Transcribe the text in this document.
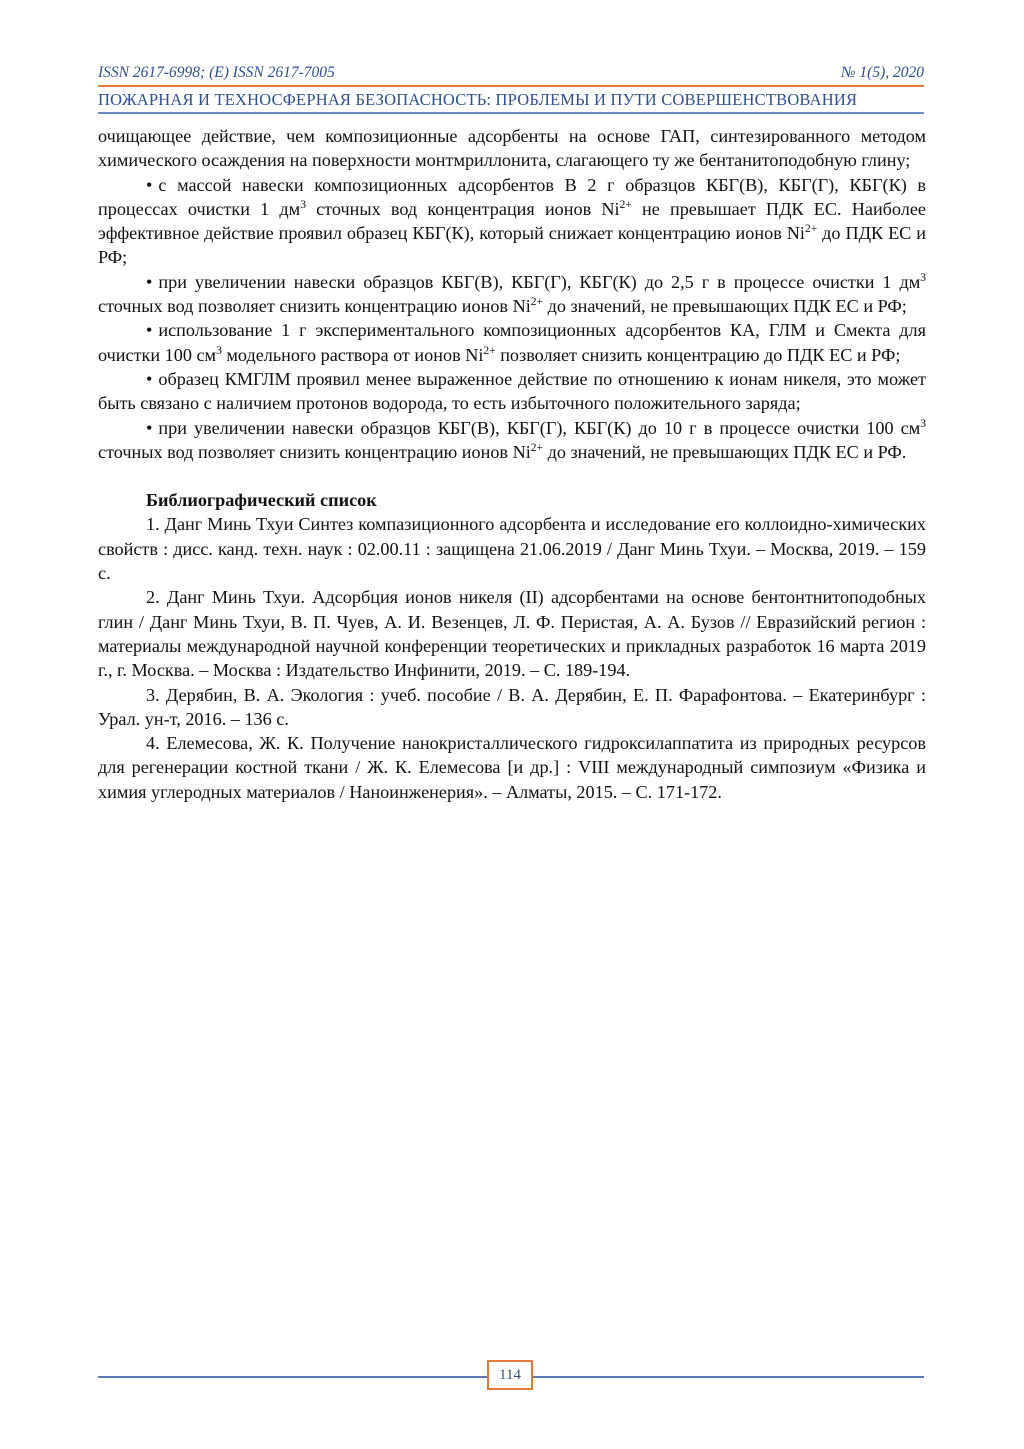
ISSN 2617-6998; (E) ISSN 2617-7005	№ 1(5), 2020
ПОЖАРНАЯ И ТЕХНОСФЕРНАЯ БЕЗОПАСНОСТЬ: ПРОБЛЕМЫ И ПУТИ СОВЕРШЕНСТВОВАНИЯ

очищающее действие, чем композиционные адсорбенты на основе ГАП, синтезированного методом химического осаждения на поверхности монтмриллонита, слагающего ту же бентанитоподобную глину;

• с массой навески композиционных адсорбентов В 2 г образцов КБГ(В), КБГ(Г), КБГ(К) в процессах очистки 1 $дм^3$ сточных вод концентрация ионов $Ni^{2+}$ не превышает ПДК ЕС. Наиболее эффективное действие проявил образец КБГ(К), который снижает концентрацию ионов $Ni^{2+}$ до ПДК ЕС и РФ;

• при увеличении навески образцов КБГ(В), КБГ(Г), КБГ(К) до 2,5 г в процессе очистки 1 $дм^3$ сточных вод позволяет снизить концентрацию ионов $Ni^{2+}$ до значений, не превышающих ПДК ЕС и РФ;

• использование 1 г экспериментального композиционных адсорбентов КА, ГЛМ и Смекта для очистки 100 $см^3$ модельного раствора от ионов $Ni^{2+}$ позволяет снизить концентрацию до ПДК ЕС и РФ;

• образец КМГЛМ проявил менее выраженное действие по отношению к ионам никеля, это может быть связано с наличием протонов водорода, то есть избыточного положительного заряда;

• при увеличении навески образцов КБГ(В), КБГ(Г), КБГ(К) до 10 г в процессе очистки 100 $см^3$ сточных вод позволяет снизить концентрацию ионов $Ni^{2+}$ до значений, не превышающих ПДК ЕС и РФ.

Библиографический список

1. Данг Минь Тхуи Синтез компазиционного адсорбента и исследование его коллоидно-химических свойств : дисс. канд. техн. наук : 02.00.11 : защищена 21.06.2019 / Данг Минь Тхуи. – Москва, 2019. – 159 с.

2. Данг Минь Тхуи. Адсорбция ионов никеля (II) адсорбентами на основе бентонтнитоподобных глин / Данг Минь Тхуи, В. П. Чуев, А. И. Везенцев, Л. Ф. Перистая, А. А. Бузов // Евразийский регион : материалы международной научной конференции теоретических и прикладных разработок 16 марта 2019 г., г. Москва. – Москва : Издательство Инфинити, 2019. – С. 189-194.

3. Дерябин, В. А. Экология : учеб. пособие / В. А. Дерябин, Е. П. Фарафонтова. – Екатеринбург : Урал. ун-т, 2016. – 136 с.

4. Елемесова, Ж. К. Получение нанокристаллического гидроксилаппатита из природных ресурсов для регенерации костной ткани / Ж. К. Елемесова [и др.] : VIII международный симпозиум «Физика и химия углеродных материалов / Наноинженерия». – Алматы, 2015. – С. 171-172.

114
